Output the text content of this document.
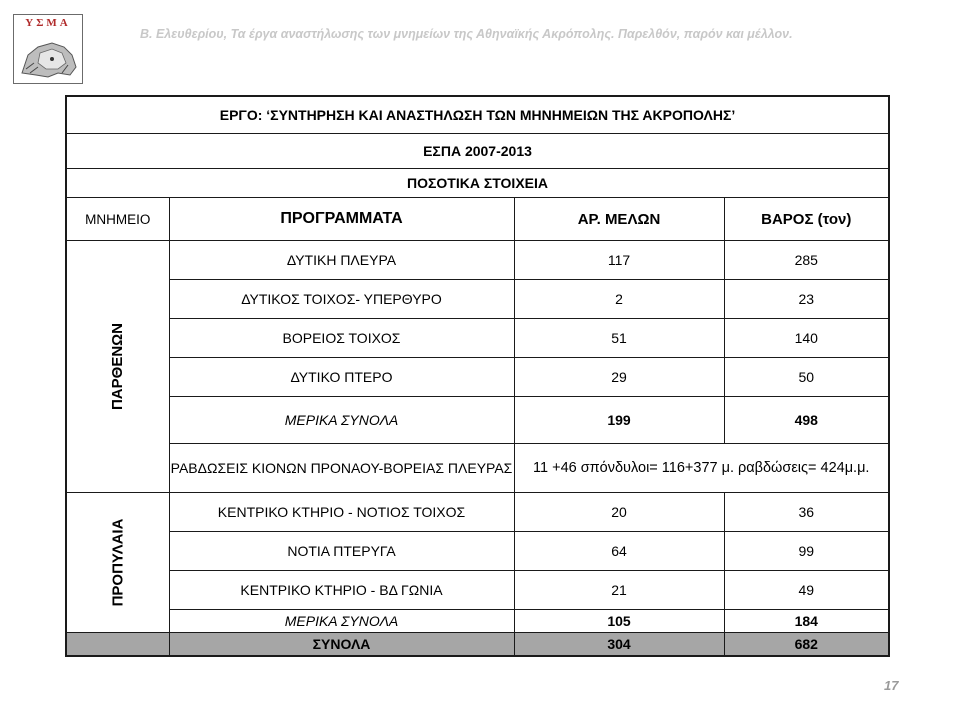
ΥΣΜΑ
Β. Ελευθερίου, Τα έργα αναστήλωσης των μνημείων της Αθηναϊκής Ακρόπολης. Παρελθόν, παρόν και μέλλον.
ΕΡΓΟ: ‘ΣΥΝΤΗΡΗΣΗ ΚΑΙ ΑΝΑΣΤΗΛΩΣΗ ΤΩΝ ΜΗΝΗΜΕΙΩΝ ΤΗΣ ΑΚΡΟΠΟΛΗΣ’			
ΕΣΠΑ 2007-2013			
ΠΟΣΟΤΙΚΑ ΣΤΟΙΧΕΙΑ			
ΜΝΗΜΕΙΟ	ΠΡΟΓΡΑΜΜΑΤΑ	ΑΡ. ΜΕΛΩΝ	ΒΑΡΟΣ (τον)
ΠΑΡΘΕΝΩΝ	ΔΥΤΙΚΗ ΠΛΕΥΡΑ	117	285
	ΔΥΤΙΚΟΣ ΤΟΙΧΟΣ- ΥΠΕΡΘΥΡΟ	2	23
	ΒΟΡΕΙΟΣ ΤΟΙΧΟΣ	51	140
	ΔΥΤΙΚΟ ΠΤΕΡΟ	29	50
	ΜΕΡΙΚΑ ΣΥΝΟΛΑ	199	498
	ΡΑΒΔΩΣΕΙΣ ΚΙΟΝΩΝ ΠΡΟΝΑΟΥ-ΒΟΡΕΙΑΣ ΠΛΕΥΡΑΣ	11 +46 σπόνδυλοι= 116+377 μ. ραβδώσεις= 424μ.μ.	
ΠΡΟΠΥΛΑΙΑ	ΚΕΝΤΡΙΚΟ ΚΤΗΡΙΟ - ΝΟΤΙΟΣ ΤΟΙΧΟΣ	20	36
	ΝΟΤΙΑ ΠΤΕΡΥΓΑ	64	99
	ΚΕΝΤΡΙΚΟ ΚΤΗΡΙΟ - ΒΔ ΓΩΝΙΑ	21	49
	ΜΕΡΙΚΑ ΣΥΝΟΛΑ	105	184
	ΣΥΝΟΛΑ	304	682
17
